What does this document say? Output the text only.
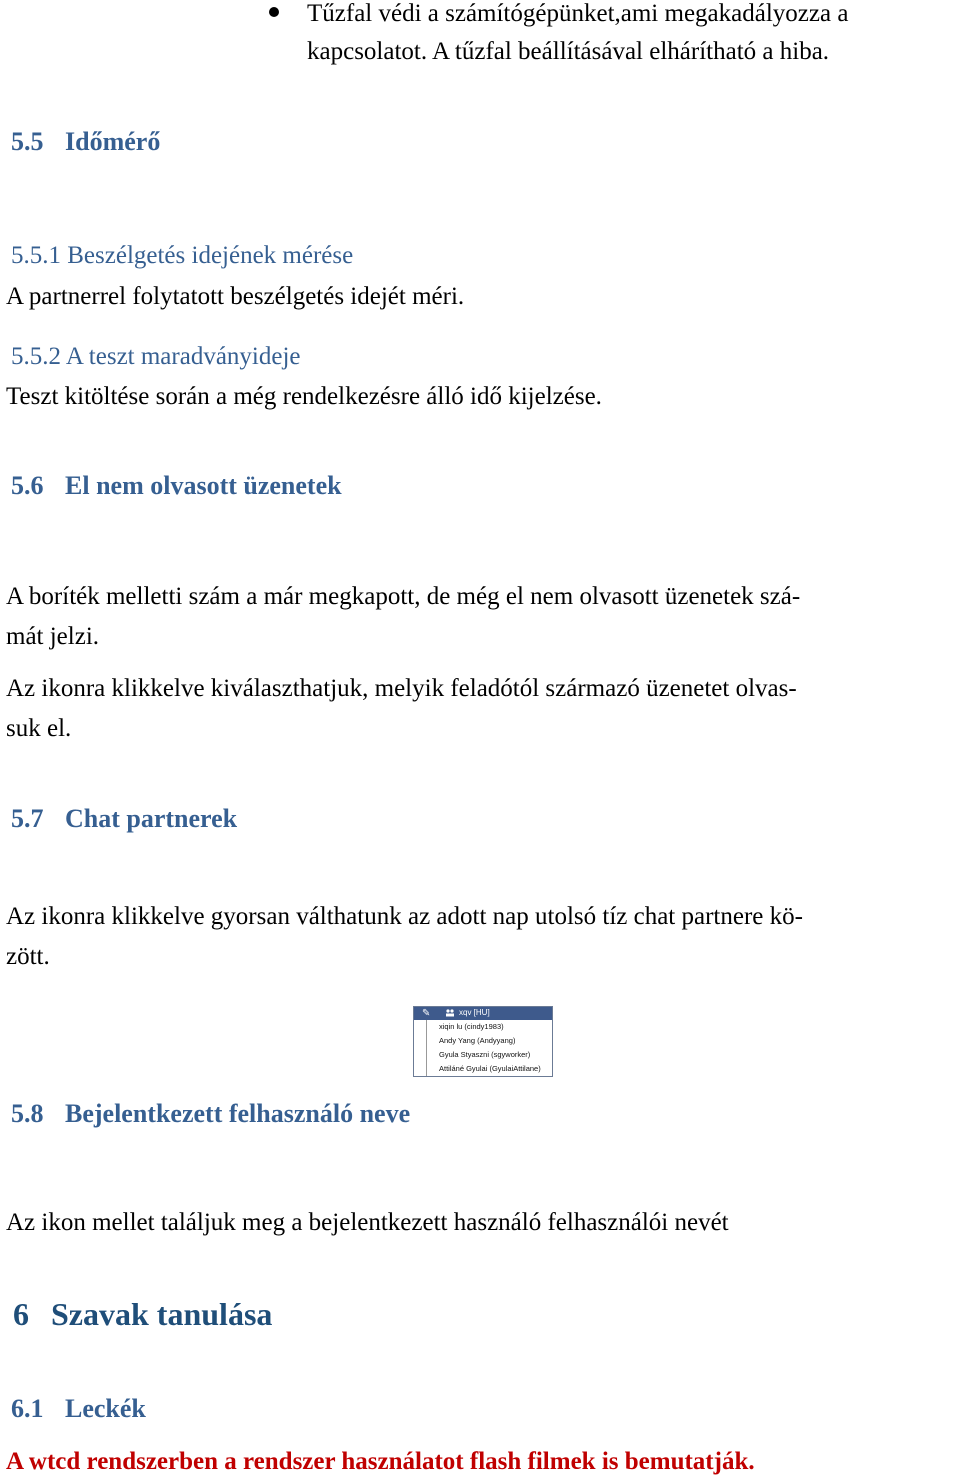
Tűzfal védi a számítógépünket,ami megakadályozza a
kapcsolatot. A tűzfal beállításával elhárítható a hiba.
5.5 Időmérő
5.5.1 Beszélgetés idejének mérése
A partnerrel folytatott beszélgetés idejét méri.
5.5.2 A teszt maradványideje
Teszt kitöltése során a még rendelkezésre álló idő kijelzése.
5.6 El nem olvasott üzenetek
A boríték melletti szám a már megkapott, de még el nem olvasott üzenetek szá-
mát jelzi.
Az ikonra klikkelve kiválaszthatjuk, melyik feladótól származó üzenetet olvas-
suk el.
5.7 Chat partnerek
Az ikonra klikkelve gyorsan válthatunk az adott nap utolsó tíz chat partnere kö-
zött.
✎	xqv [HU]
xiqin lu (cindy1983)
Andy Yang (Andyyang)
Gyula Styaszni (sgyworker)
Attiláné Gyulai (GyulaiAttilane)
5.8 Bejelentkezett felhasználó neve
Az ikon mellet találjuk meg a bejelentkezett használó felhasználói nevét
6 Szavak tanulása
6.1 Leckék
A wtcd rendszerben a rendszer használatot flash filmek is bemutatják.
